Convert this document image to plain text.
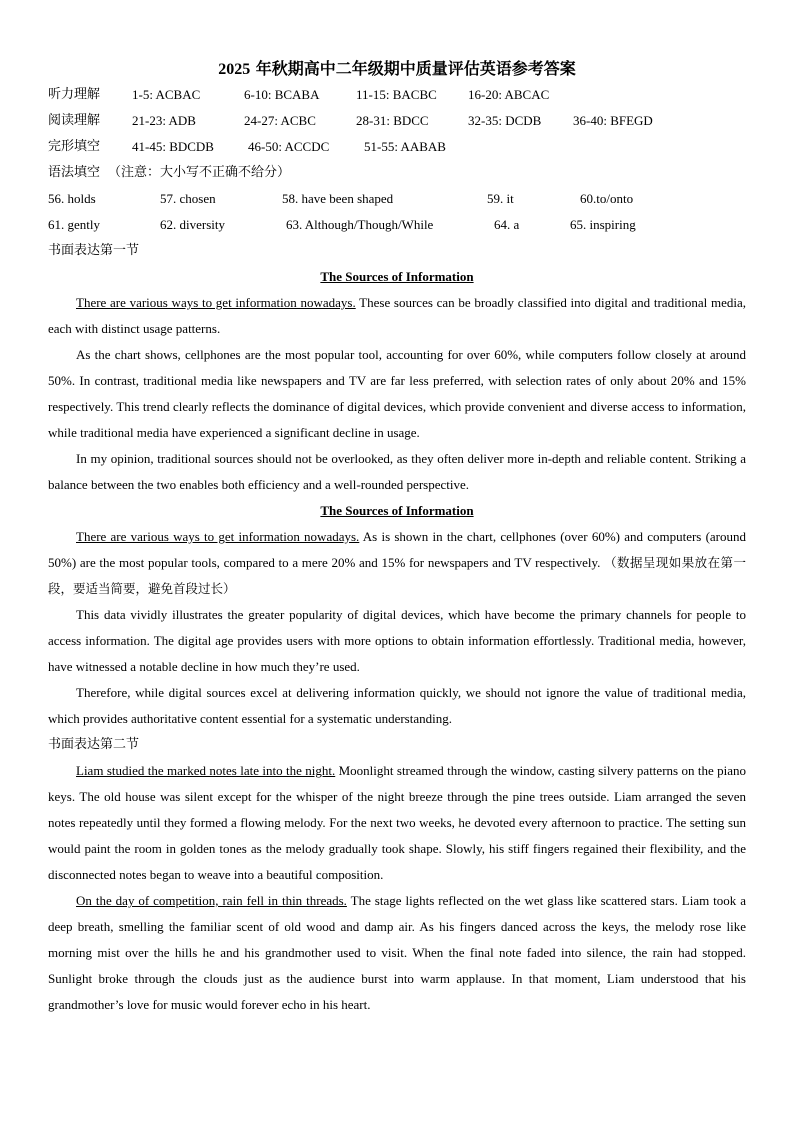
2025 年秋期高中二年级期中质量评估英语参考答案
听力理解 1-5: ACBAC	6-10: BCABA	11-15: BACBC 16-20: ABCAC
阅读理解 21-23: ADB	24-27: ACBC	28-31: BDCC	32-35: DCDB 36-40: BFEGD
完形填空 41-45: BDCDB	46-50: ACCDC	51-55: AABAB
语法填空 （注意：大小写不正确不给分）
56. holds	57. chosen	58. have been shaped	59. it	60.to/onto
61. gently	62. diversity	63. Although/Though/While	64. a	65. inspiring
书面表达第一节
The Sources of Information

There are various ways to get information nowadays. These sources can be broadly classified into digital and traditional media, each with distinct usage patterns.

As the chart shows, cellphones are the most popular tool, accounting for over 60%, while computers follow closely at around 50%. In contrast, traditional media like newspapers and TV are far less preferred, with selection rates of only about 20% and 15% respectively. This trend clearly reflects the dominance of digital devices, which provide convenient and diverse access to information, while traditional media have experienced a significant decline in usage.

In my opinion, traditional sources should not be overlooked, as they often deliver more in-depth and reliable content. Striking a balance between the two enables both efficiency and a well-rounded perspective.

The Sources of Information

There are various ways to get information nowadays. As is shown in the chart, cellphones (over 60%) and computers (around 50%) are the most popular tools, compared to a mere 20% and 15% for newspapers and TV respectively. （数据呈现如果放在第一段，要适当简要，避免首段过长）

This data vividly illustrates the greater popularity of digital devices, which have become the primary channels for people to access information. The digital age provides users with more options to obtain information effortlessly. Traditional media, however, have witnessed a notable decline in how much they’re used.

Therefore, while digital sources excel at delivering information quickly, we should not ignore the value of traditional media, which provides authoritative content essential for a systematic understanding.

书面表达第二节

Liam studied the marked notes late into the night. Moonlight streamed through the window, casting silvery patterns on the piano keys. The old house was silent except for the whisper of the night breeze through the pine trees outside. Liam arranged the seven notes repeatedly until they formed a flowing melody. For the next two weeks, he devoted every afternoon to practice. The setting sun would paint the room in golden tones as the melody gradually took shape. Slowly, his stiff fingers regained their flexibility, and the disconnected notes began to weave into a beautiful composition.

On the day of competition, rain fell in thin threads. The stage lights reflected on the wet glass like scattered stars. Liam took a deep breath, smelling the familiar scent of old wood and damp air. As his fingers danced across the keys, the melody rose like morning mist over the hills he and his grandmother used to visit. When the final note faded into silence, the rain had stopped. Sunlight broke through the clouds just as the audience burst into warm applause. In that moment, Liam understood that his grandmother’s love for music would forever echo in his heart.
